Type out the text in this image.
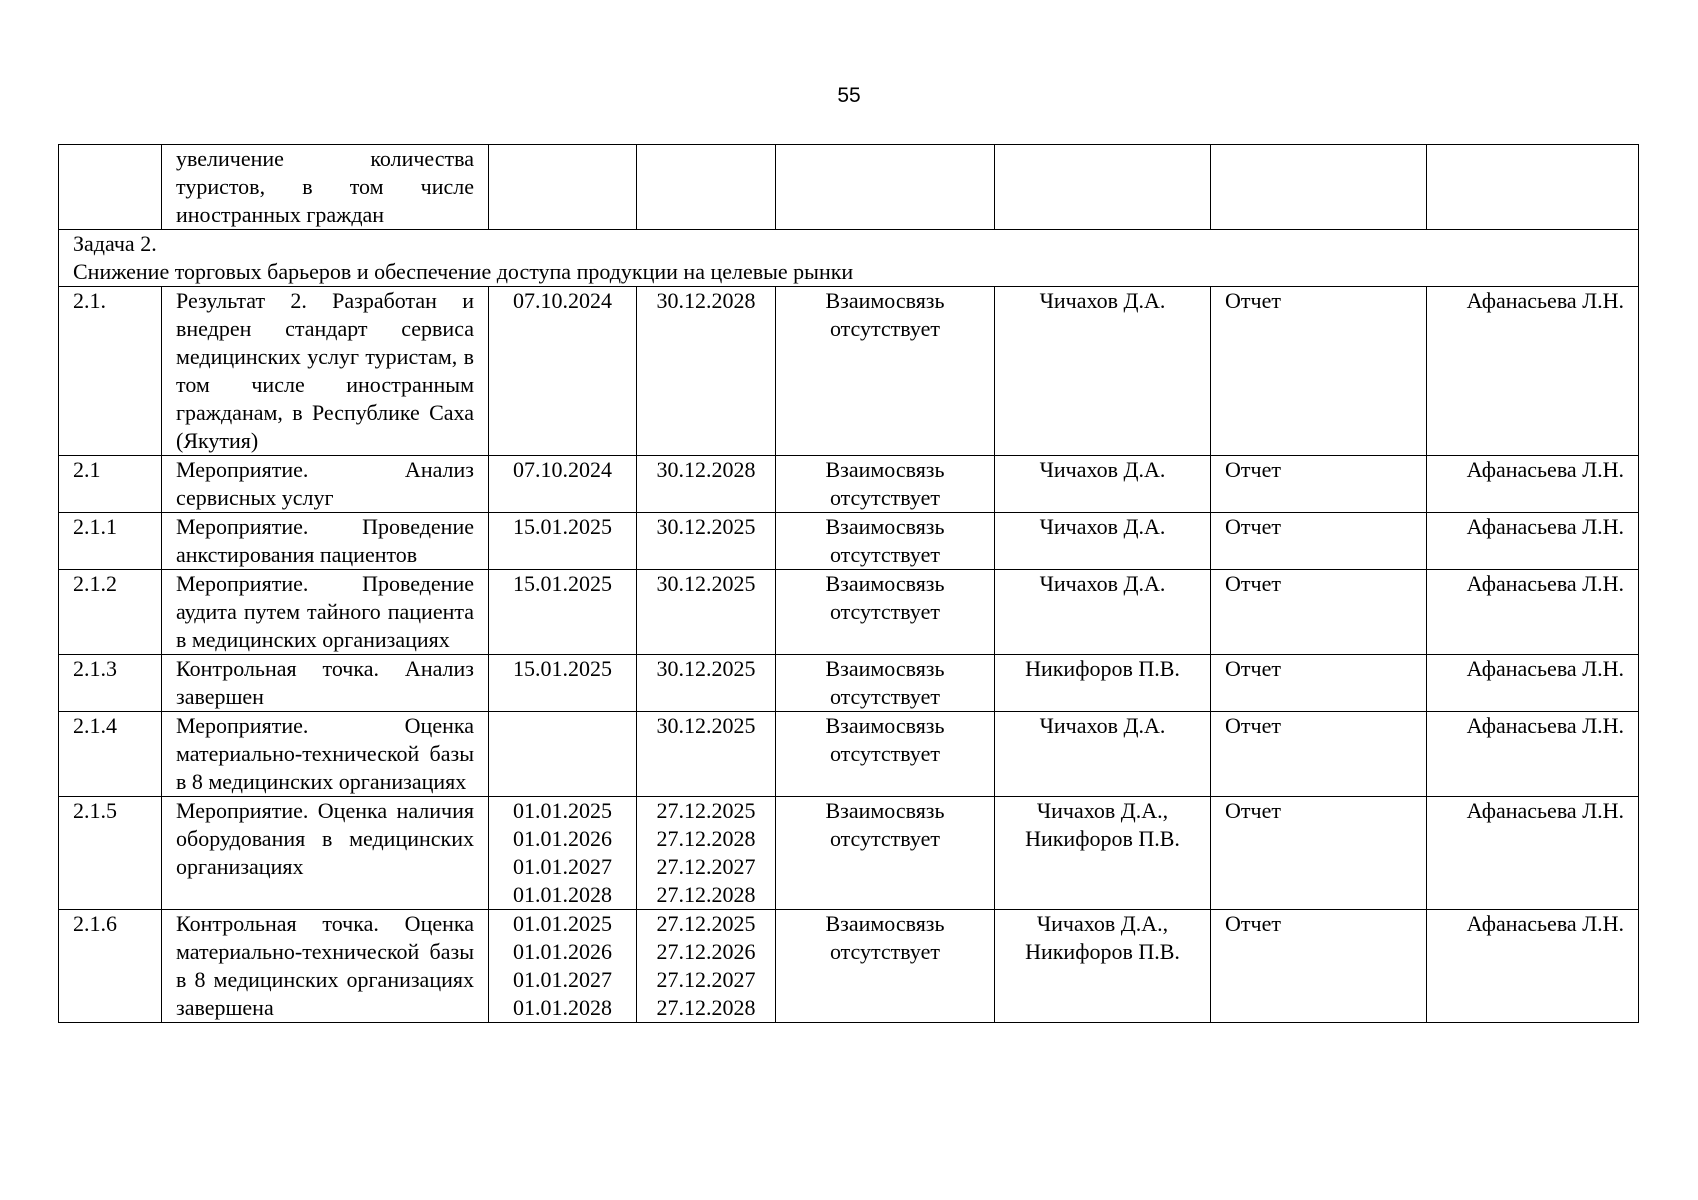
55
	увеличение количества туристов, в том числе иностранных граждан						

Задача 2.
Снижение торговых барьеров и обеспечение доступа продукции на целевые рынки							

2.1.	Результат 2. Разработан и внедрен стандарт сервиса медицинских услуг туристам, в том числе иностранным гражданам, в Республике Саха (Якутия)	07.10.2024	30.12.2028	Взаимосвязь отсутствует	Чичахов Д.А.	Отчет	Афанасьева Л.Н.
2.1	Мероприятие. Анализ сервисных услуг	07.10.2024	30.12.2028	Взаимосвязь отсутствует	Чичахов Д.А.	Отчет	Афанасьева Л.Н.
2.1.1	Мероприятие. Проведение анкстирования пациентов	15.01.2025	30.12.2025	Взаимосвязь отсутствует	Чичахов Д.А.	Отчет	Афанасьева Л.Н.
2.1.2	Мероприятие. Проведение аудита путем тайного пациента в медицинских организациях	15.01.2025	30.12.2025	Взаимосвязь отсутствует	Чичахов Д.А.	Отчет	Афанасьева Л.Н.
2.1.3	Контрольная точка. Анализ завершен	15.01.2025	30.12.2025	Взаимосвязь отсутствует	Никифоров П.В.	Отчет	Афанасьева Л.Н.
2.1.4	Мероприятие. Оценка материально-технической базы в 8 медицинских организациях		30.12.2025	Взаимосвязь отсутствует	Чичахов Д.А.	Отчет	Афанасьева Л.Н.
2.1.5	Мероприятие. Оценка наличия оборудования в медицинских организациях	01.01.2025
01.01.2026
01.01.2027
01.01.2028	27.12.2025
27.12.2028
27.12.2027
27.12.2028	Взаимосвязь отсутствует	Чичахов Д.А.,
Никифоров П.В.	Отчет	Афанасьева Л.Н.
2.1.6	Контрольная точка. Оценка материально-технической базы в 8 медицинских организациях завершена	01.01.2025
01.01.2026
01.01.2027
01.01.2028	27.12.2025
27.12.2026
27.12.2027
27.12.2028	Взаимосвязь отсутствует	Чичахов Д.А.,
Никифоров П.В.	Отчет	Афанасьева Л.Н.
